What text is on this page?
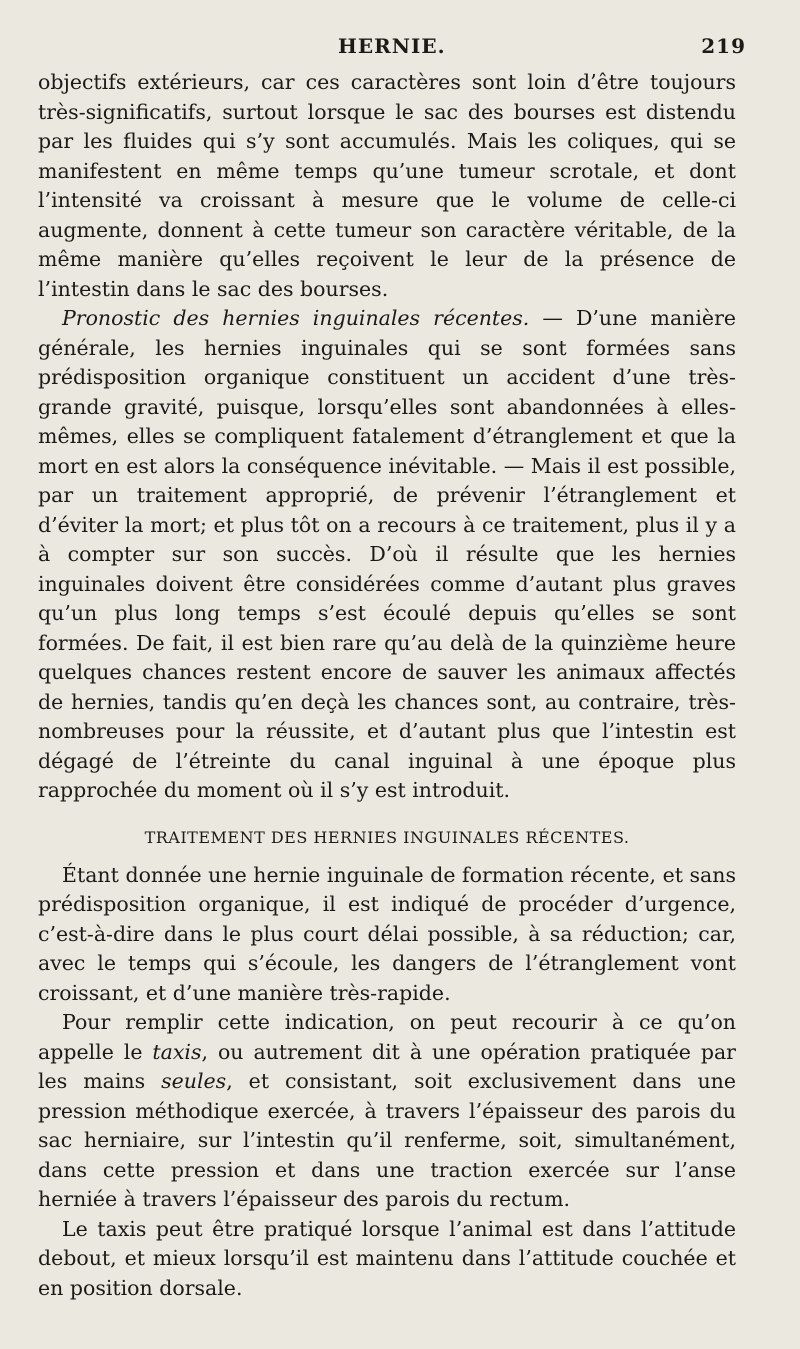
HERNIE.	219

objectifs extérieurs, car ces caractères sont loin d’être toujours très-significatifs, surtout lorsque le sac des bourses est distendu par les fluides qui s’y sont accumulés. Mais les coliques, qui se manifestent en même temps qu’une tumeur scrotale, et dont l’intensité va croissant à mesure que le volume de celle-ci augmente, donnent à cette tumeur son caractère véritable, de la même manière qu’elles reçoivent le leur de la présence de l’intestin dans le sac des bourses.

Pronostic des hernies inguinales récentes. — D’une manière générale, les hernies inguinales qui se sont formées sans prédisposition organique constituent un accident d’une très-grande gravité, puisque, lorsqu’elles sont abandonnées à elles-mêmes, elles se compliquent fatalement d’étranglement et que la mort en est alors la conséquence inévitable. — Mais il est possible, par un traitement approprié, de prévenir l’étranglement et d’éviter la mort; et plus tôt on a recours à ce traitement, plus il y a à compter sur son succès. D’où il résulte que les hernies inguinales doivent être considérées comme d’autant plus graves qu’un plus long temps s’est écoulé depuis qu’elles se sont formées. De fait, il est bien rare qu’au delà de la quinzième heure quelques chances restent encore de sauver les animaux affectés de hernies, tandis qu’en deçà les chances sont, au contraire, très-nombreuses pour la réussite, et d’autant plus que l’intestin est dégagé de l’étreinte du canal inguinal à une époque plus rapprochée du moment où il s’y est introduit.

TRAITEMENT DES HERNIES INGUINALES RÉCENTES.

Étant donnée une hernie inguinale de formation récente, et sans prédisposition organique, il est indiqué de procéder d’urgence, c’est-à-dire dans le plus court délai possible, à sa réduction; car, avec le temps qui s’écoule, les dangers de l’étranglement vont croissant, et d’une manière très-rapide.

Pour remplir cette indication, on peut recourir à ce qu’on appelle le taxis, ou autrement dit à une opération pratiquée par les mains seules, et consistant, soit exclusivement dans une pression méthodique exercée, à travers l’épaisseur des parois du sac herniaire, sur l’intestin qu’il renferme, soit, simultanément, dans cette pression et dans une traction exercée sur l’anse herniée à travers l’épaisseur des parois du rectum.

Le taxis peut être pratiqué lorsque l’animal est dans l’attitude debout, et mieux lorsqu’il est maintenu dans l’attitude couchée et en position dorsale.
